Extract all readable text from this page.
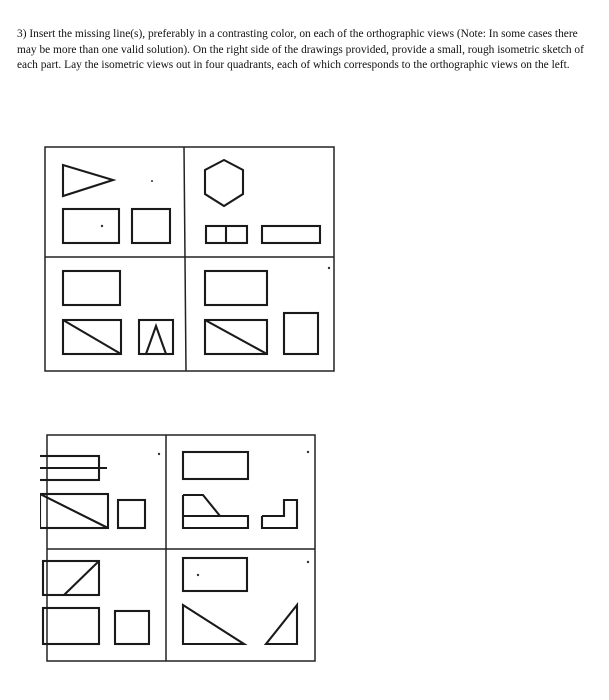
3) Insert the missing line(s), preferably in a contrasting color, on each of the orthographic views (Note: In some cases there may be more than one valid solution). On the right side of the drawings provided, provide a small, rough isometric sketch of each part. Lay the isometric views out in four quadrants, each of which corresponds to the orthographic views on the left.
